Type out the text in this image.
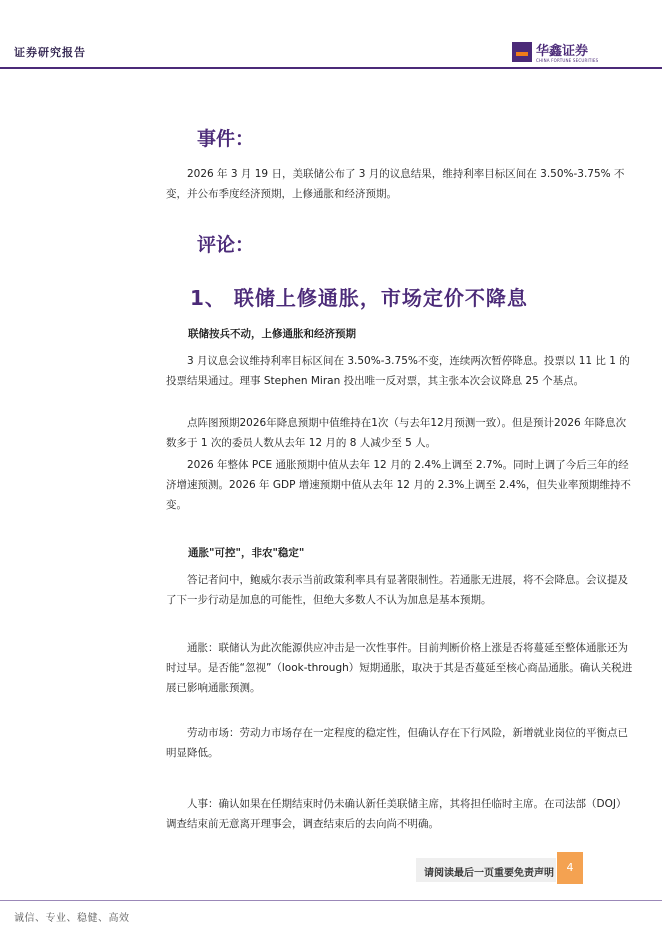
证券研究报告	华鑫证券
CHINA FORTUNE SECURITIES
事件：
2026 年 3 月 19 日，美联储公布了 3 月的议息结果，维持利率目标区间在 3.50%-3.75% 不变，并公布季度经济预期，上修通胀和经济预期。
评论：
1、 联储上修通胀，市场定价不降息
联储按兵不动，上修通胀和经济预期
3 月议息会议维持利率目标区间在 3.50%-3.75%不变，连续两次暂停降息。投票以 11 比 1 的投票结果通过。理事 Stephen Miran 投出唯一反对票，其主张本次会议降息 25 个基点。
点阵图预期2026年降息预期中值维持在1次（与去年12月预测一致）。但是预计2026 年降息次数多于 1 次的委员人数从去年 12 月的 8 人减少至 5 人。
2026 年整体 PCE 通胀预期中值从去年 12 月的 2.4%上调至 2.7%。同时上调了今后三年的经济增速预测。2026 年 GDP 增速预期中值从去年 12 月的 2.3%上调至 2.4%，但失业率预期维持不变。
通胀"可控"，非农"稳定"
答记者问中，鲍威尔表示当前政策利率具有显著限制性。若通胀无进展，将不会降息。会议提及了下一步行动是加息的可能性，但绝大多数人不认为加息是基本预期。
通胀：联储认为此次能源供应冲击是一次性事件。目前判断价格上涨是否将蔓延至整体通胀还为时过早。是否能“忽视”（look-through）短期通胀，取决于其是否蔓延至核心商品通胀。确认关税进展已影响通胀预测。
劳动市场：劳动力市场存在一定程度的稳定性，但确认存在下行风险，新增就业岗位的平衡点已明显降低。
人事：确认如果在任期结束时仍未确认新任美联储主席，其将担任临时主席。在司法部（DOJ）调查结束前无意离开理事会，调查结束后的去向尚不明确。
请阅读最后一页重要免责声明	4
诚信、专业、稳健、高效
